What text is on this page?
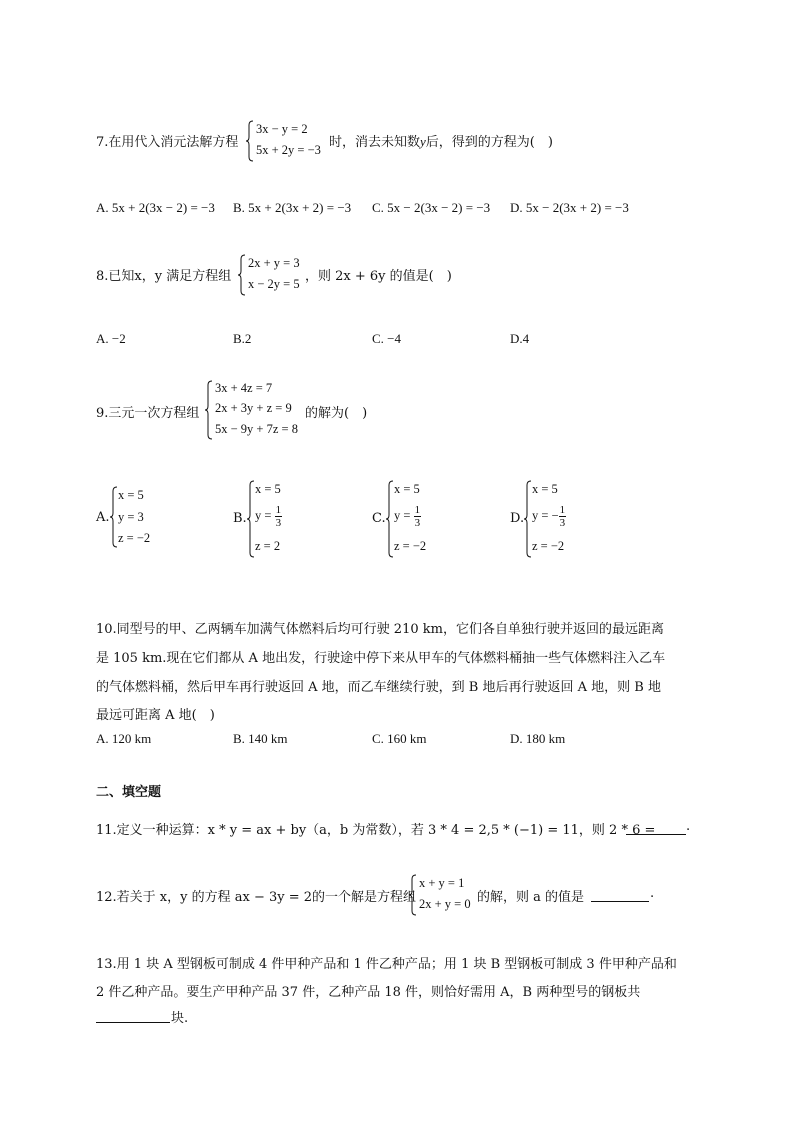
7.在用代入消元法解方程
3x − y = 2
5x + 2y = −3 时，消去未知数y后，得到的方程为(　)
A. 5x + 2(3x − 2) = −3 B. 5x + 2(3x + 2) = −3 C. 5x − 2(3x − 2) = −3 D. 5x − 2(3x + 2) = −3
8.已知x，y 满足方程组
2x + y = 3
x − 2y = 5 ，则 2x + 6y 的值是(　)
A. −2	B.2	C. −4	D.4
9.三元一次方程组
3x + 4z = 7
2x + 3y + z = 9
5x − 9y + 7z = 8
的解为(　)
A.
x = 5
y = 3
z = −2
B.
x = 5
$y = \frac{1}{3}$
z = 2
C.
x = 5
$y = \frac{1}{3}$
z = −2
D.
x = 5
y = − $\frac{1}{3}$
z = −2
10.同型号的甲、乙两辆车加满气体燃料后均可行驶 210 km，它们各自单独行驶并返回的最远距离
是 105 km.现在它们都从 A 地出发，行驶途中停下来从甲车的气体燃料桶抽一些气体燃料注入乙车
的气体燃料桶，然后甲车再行驶返回 A 地，而乙车继续行驶，到 B 地后再行驶返回 A 地，则 B 地
最远可距离 A 地(　)
A. 120 km	B. 140 km	C. 160 km	D. 180 km
二、填空题
11.定义一种运算：x * y = ax + by（a，b 为常数），若 3 * 4 = 2,5 * (−1) = 11，则 2 * 6 = .
12.若关于 x，y 的方程 ax − 3y = 2的一个解是方程组
x + y = 1
2x + y = 0 的解，则 a 的值是	.
13.用 1 块 A 型钢板可制成 4 件甲种产品和 1 件乙种产品；用 1 块 B 型钢板可制成 3 件甲种产品和
2 件乙种产品。要生产甲种产品 37 件，乙种产品 18 件，则恰好需用 A，B 两种型号的钢板共
块.
